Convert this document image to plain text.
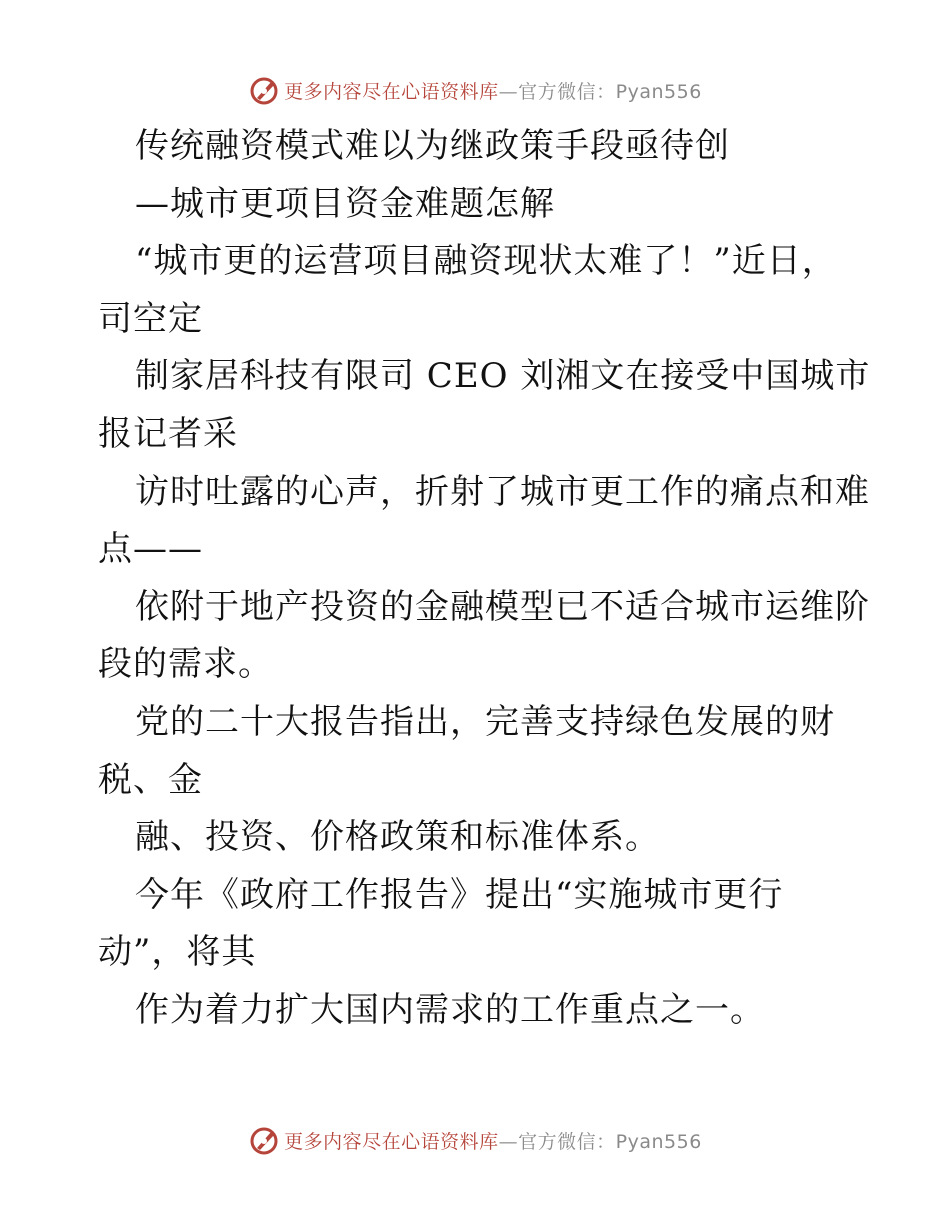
更多内容尽在心语资料库—官方微信：Pyan556
传统融资模式难以为继政策手段亟待创
—城市更项目资金难题怎解
“城市更的运营项目融资现状太难了！”近日，
司空定
制家居科技有限司 CEO 刘湘文在接受中国城市
报记者采
访时吐露的心声，折射了城市更工作的痛点和难
点——
依附于地产投资的金融模型已不适合城市运维阶
段的需求。
党的二十大报告指出，完善支持绿色发展的财
税、金
融、投资、价格政策和标准体系。
今年《政府工作报告》提出“实施城市更行
动”，将其
作为着力扩大国内需求的工作重点之一。
更多内容尽在心语资料库—官方微信：Pyan556
